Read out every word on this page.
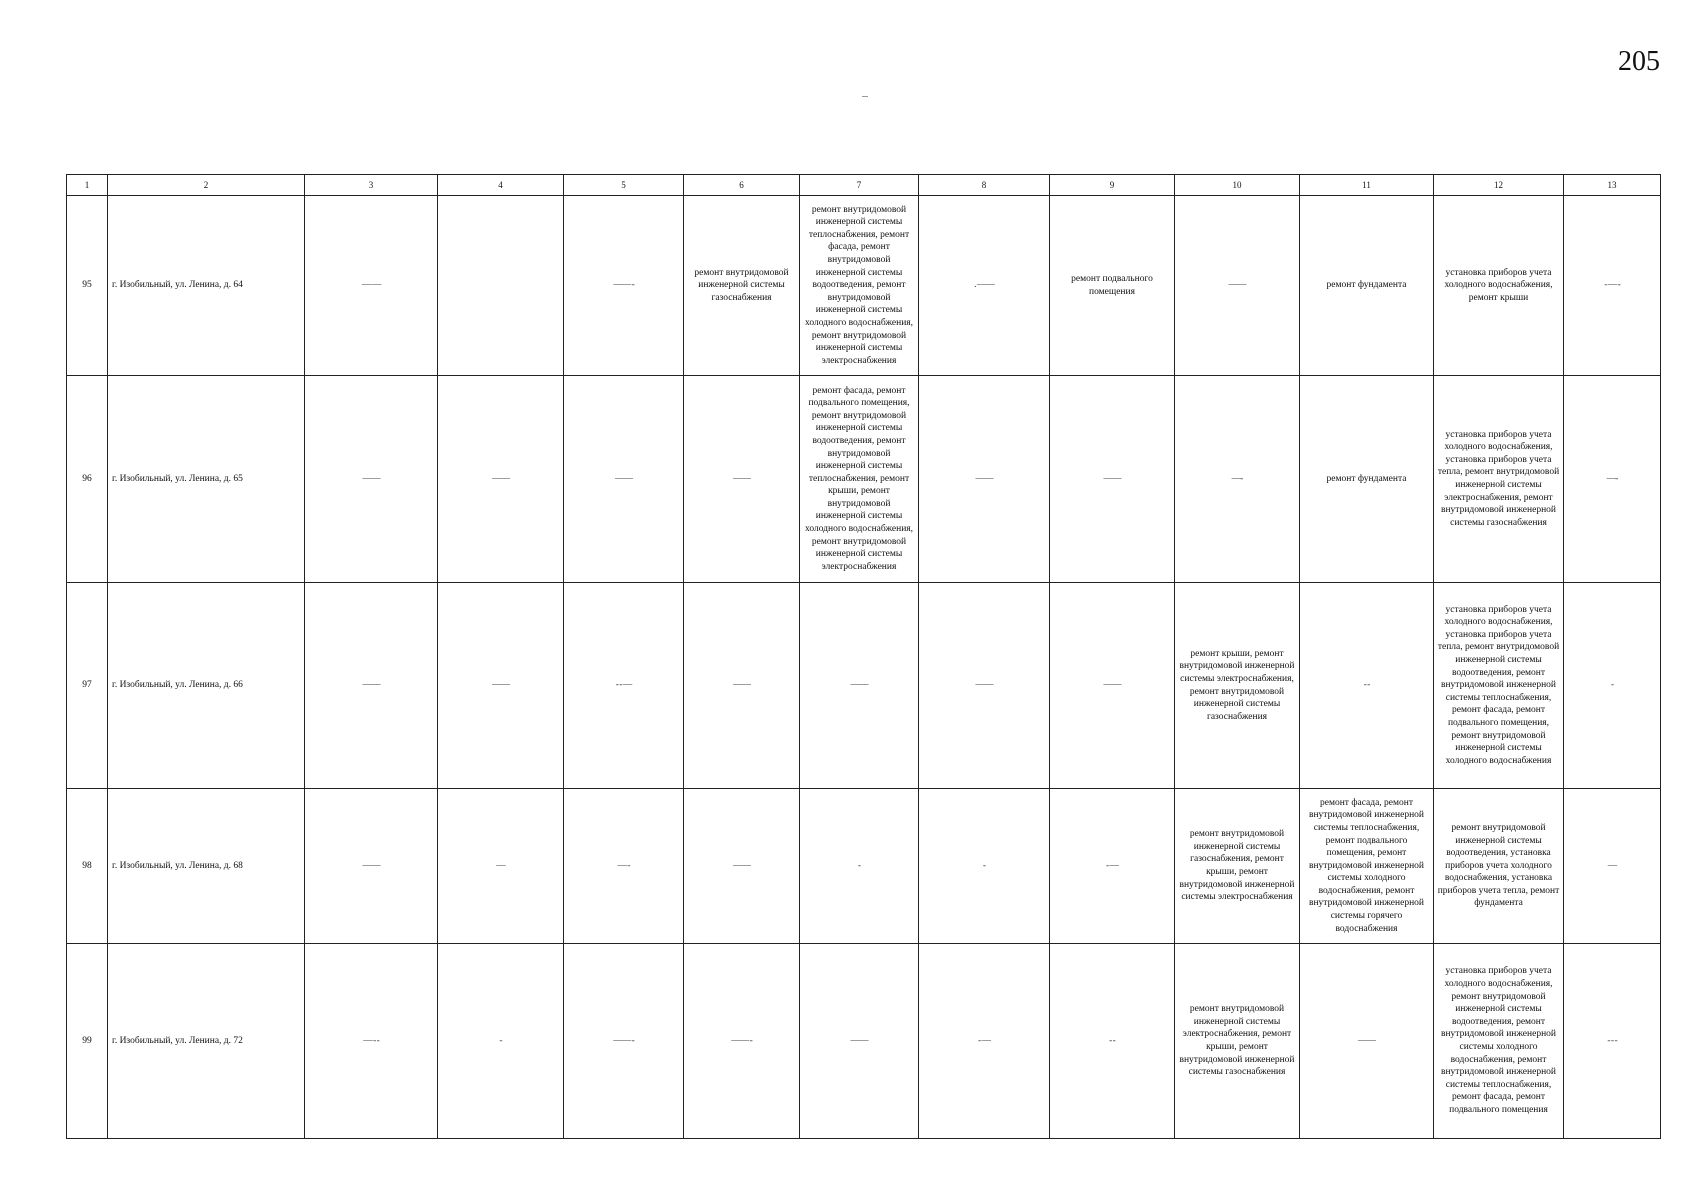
205
1	2	3	4	5	6	7	8	9	10	11	12	13
95	г. Изобильный, ул. Ленина, д. 64	— —		—— -	ремонт внутридомовой инженерной системы газоснабжения	ремонт внутридомовой инженерной системы теплоснабжения, ремонт фасада, ремонт внутридомовой инженерной системы водоотведения, ремонт внутридомовой инженерной системы холодного водоснабжения, ремонт внутридомовой инженерной системы электроснабжения	. ——	ремонт подвального помещения	——	ремонт фундамента	установка приборов учета холодного водоснабжения, ремонт крыши	- — -
96	г. Изобильный, ул. Ленина, д. 65	——	——	——	——	ремонт фасада, ремонт подвального помещения, ремонт внутридомовой инженерной системы водоотведения, ремонт внутридомовой инженерной системы теплоснабжения, ремонт крыши, ремонт внутридомовой инженерной системы холодного водоснабжения, ремонт внутридомовой инженерной системы электроснабжения	——	——	—-	ремонт фундамента	установка приборов учета холодного водоснабжения, установка приборов учета тепла, ремонт внутридомовой инженерной системы электроснабжения, ремонт внутридомовой инженерной системы газоснабжения	—-
97	г. Изобильный, ул. Ленина, д. 66	——	——	- - —	——	——	——	——	ремонт крыши, ремонт внутридомовой инженерной системы электроснабжения, ремонт внутридомовой инженерной системы газоснабжения	- -	установка приборов учета холодного водоснабжения, установка приборов учета тепла, ремонт внутридомовой инженерной системы водоотведения, ремонт внутридомовой инженерной системы теплоснабжения, ремонт фасада, ремонт подвального помещения, ремонт внутридомовой инженерной системы холодного водоснабжения	-
98	г. Изобильный, ул. Ленина, д. 68	——	—	— -	——	-	-	- —	ремонт внутридомовой инженерной системы газоснабжения, ремонт крыши, ремонт внутридомовой инженерной системы электроснабжения	ремонт фасада, ремонт внутридомовой инженерной системы теплоснабжения, ремонт подвального помещения, ремонт внутридомовой инженерной системы холодного водоснабжения, ремонт внутридомовой инженерной системы горячего водоснабжения	ремонт внутридомовой инженерной системы водоотведения, установка приборов учета холодного водоснабжения, установка приборов учета тепла, ремонт фундамента	—
99	г. Изобильный, ул. Ленина, д. 72	— - -	-	—— -	—— -	——	- —	- -	ремонт внутридомовой инженерной системы электроснабжения, ремонт крыши, ремонт внутридомовой инженерной системы газоснабжения	——	установка приборов учета холодного водоснабжения, ремонт внутридомовой инженерной системы водоотведения, ремонт внутридомовой инженерной системы холодного водоснабжения, ремонт внутридомовой инженерной системы теплоснабжения, ремонт фасада, ремонт подвального помещения	- - -
